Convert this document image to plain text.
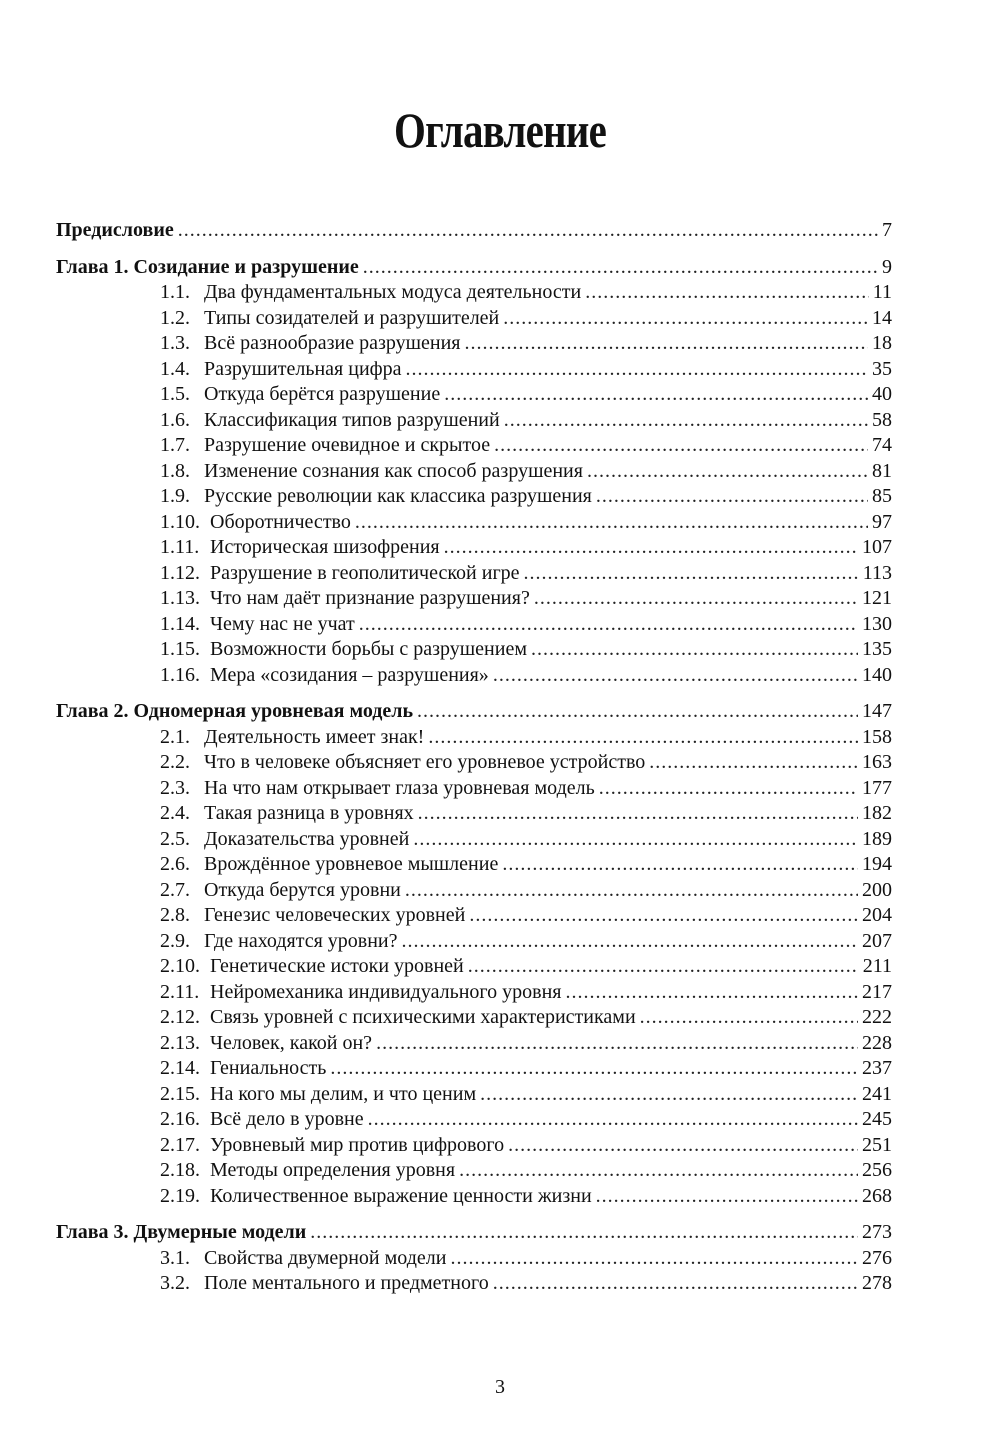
Оглавление
Предисловие .....	7
Глава 1. Созидание и разрушение .....	9
1.1. Два фундаментальных модуса деятельности .....	11
1.2. Типы созидателей и разрушителей .....	14
1.3. Всё разнообразие разрушения .....	18
1.4. Разрушительная цифра .....	35
1.5. Откуда берётся разрушение .....	40
1.6. Классификация типов разрушений .....	58
1.7. Разрушение очевидное и скрытое .....	74
1.8. Изменение сознания как способ разрушения .....	81
1.9. Русские революции как классика разрушения .....	85
1.10. Оборотничество .....	97
1.11. Историческая шизофрения .....	107
1.12. Разрушение в геополитической игре .....	113
1.13. Что нам даёт признание разрушения? .....	121
1.14. Чему нас не учат .....	130
1.15. Возможности борьбы с разрушением .....	135
1.16. Мера «созидания – разрушения» .....	140
Глава 2. Одномерная уровневая модель .....	147
2.1. Деятельность имеет знак! .....	158
2.2. Что в человеке объясняет его уровневое устройство .....	163
2.3. На что нам открывает глаза уровневая модель .....	177
2.4. Такая разница в уровнях .....	182
2.5. Доказательства уровней .....	189
2.6. Врождённое уровневое мышление .....	194
2.7. Откуда берутся уровни .....	200
2.8. Генезис человеческих уровней .....	204
2.9. Где находятся уровни? .....	207
2.10. Генетические истоки уровней .....	211
2.11. Нейромеханика индивидуального уровня .....	217
2.12. Связь уровней с психическими характеристиками .....	222
2.13. Человек, какой он? .....	228
2.14. Гениальность .....	237
2.15. На кого мы делим, и что ценим .....	241
2.16. Всё дело в уровне .....	245
2.17. Уровневый мир против цифрового .....	251
2.18. Методы определения уровня .....	256
2.19. Количественное выражение ценности жизни .....	268
Глава 3. Двумерные модели .....	273
3.1. Свойства двумерной модели .....	276
3.2. Поле ментального и предметного .....	278
3
